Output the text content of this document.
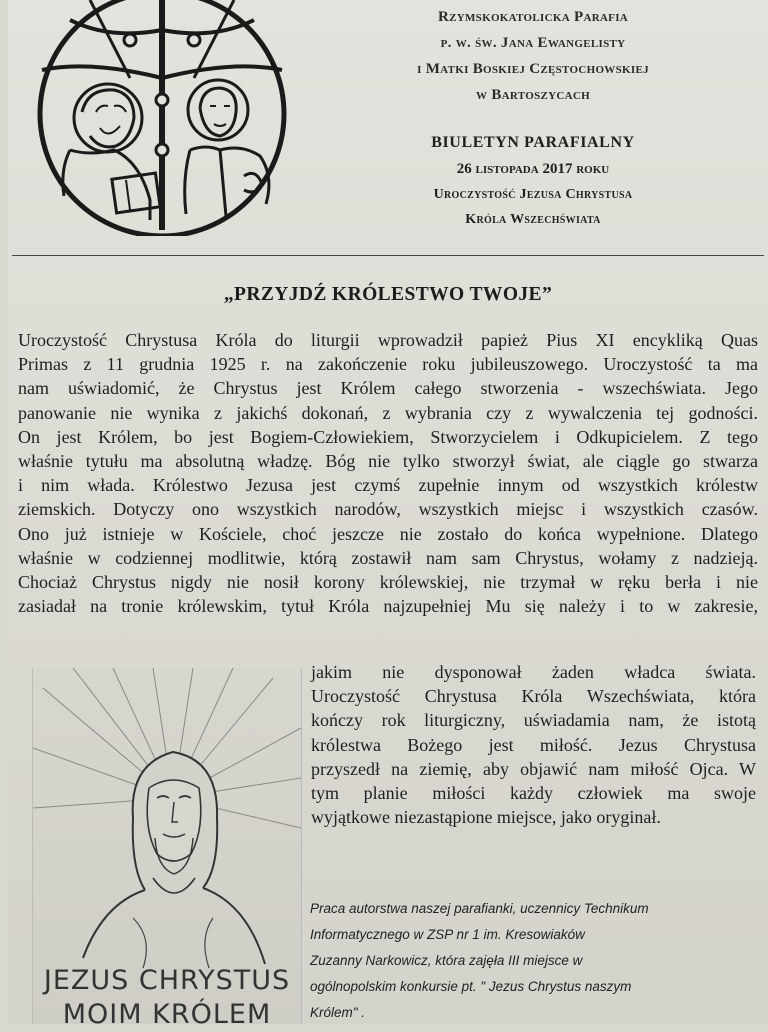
Rzymskokatolicka Parafia
p. w. św. Jana Ewangelisty
i Matki Boskiej Częstochowskiej
w Bartoszycach
BIULETYN PARAFIALNY
26 listopada 2017 roku
Uroczystość Jezusa Chrystusa
Króla Wszechświata
„PRZYJDŹ KRÓLESTWO TWOJE”
Uroczystość Chrystusa Króla do liturgii wprowadził papież Pius XI encykliką Quas
Primas z 11 grudnia 1925 r. na zakończenie roku jubileuszowego. Uroczystość ta ma
nam uświadomić, że Chrystus jest Królem całego stworzenia - wszechświata. Jego
panowanie nie wynika z jakichś dokonań, z wybrania czy z wywalczenia tej godności.
On jest Królem, bo jest Bogiem-Człowiekiem, Stworzycielem i Odkupicielem. Z tego
właśnie tytułu ma absolutną władzę. Bóg nie tylko stworzył świat, ale ciągle go stwarza
i nim włada. Królestwo Jezusa jest czymś zupełnie innym od wszystkich królestw
ziemskich. Dotyczy ono wszystkich narodów, wszystkich miejsc i wszystkich czasów.
Ono już istnieje w Kościele, choć jeszcze nie zostało do końca wypełnione. Dlatego
właśnie w codziennej modlitwie, którą zostawił nam sam Chrystus, wołamy z nadzieją.
Chociaż Chrystus nigdy nie nosił korony królewskiej, nie trzymał w ręku berła i nie
zasiadał na tronie królewskim, tytuł Króla najzupełniej Mu się należy i to w zakresie,
JEZUS CHRYSTUS
MOIM KRÓLEM
jakim nie dysponował żaden władca świata.
Uroczystość Chrystusa Króla Wszechświata, która
kończy rok liturgiczny, uświadamia nam, że istotą
królestwa Bożego jest miłość. Jezus Chrystusa
przyszedł na ziemię, aby objawić nam miłość Ojca. W
tym planie miłości każdy człowiek ma swoje
wyjątkowe niezastąpione miejsce, jako oryginał.
Praca autorstwa naszej parafianki, uczennicy Technikum
Informatycznego w ZSP nr 1 im. Kresowiaków
Zuzanny Narkowicz, która zajęła III miejsce w
ogólnopolskim konkursie pt. " Jezus Chrystus naszym
Królem" .
